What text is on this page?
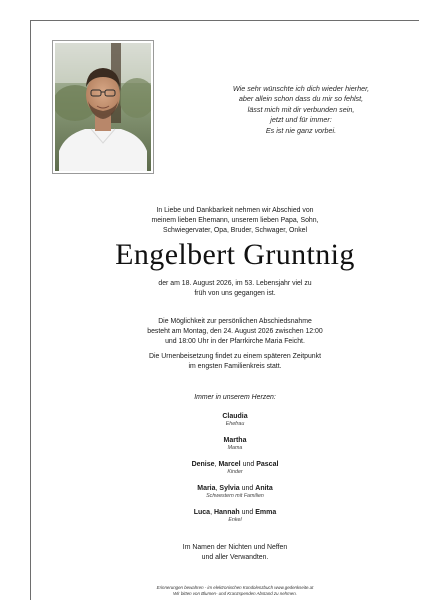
Wie sehr wünschte ich dich wieder hierher,
aber allein schon dass du mir so fehlst,
lässt mich mit dir verbunden sein,
jetzt und für immer:
Es ist nie ganz vorbei.
In Liebe und Dankbarkeit nehmen wir Abschied von
meinem lieben Ehemann, unserem lieben Papa, Sohn,
Schwiegervater, Opa, Bruder, Schwager, Onkel
Engelbert Gruntnig
der am 18. August 2026, im 53. Lebensjahr viel zu
früh von uns gegangen ist.
Die Möglichkeit zur persönlichen Abschiedsnahme
besteht am Montag, den 24. August 2026 zwischen 12:00
und 18:00 Uhr in der Pfarrkirche Maria Feicht.
Die Urnenbeisetzung findet zu einem späteren Zeitpunkt
im engsten Familienkreis statt.
Immer in unserem Herzen:
Claudia
Ehefrau
Martha
Mama
Denise, Marcel und Pascal
Kinder
Maria, Sylvia und Anita
Schwestern mit Familien
Luca, Hannah und Emma
Enkel
Im Namen der Nichten und Neffen
und aller Verwandten.
Erinnerungen bewahren - im elektronischen Kondolenzbuch www.gedenkseite.at
Wir bitten von Blumen- und Kranzspenden Abstand zu nehmen.
